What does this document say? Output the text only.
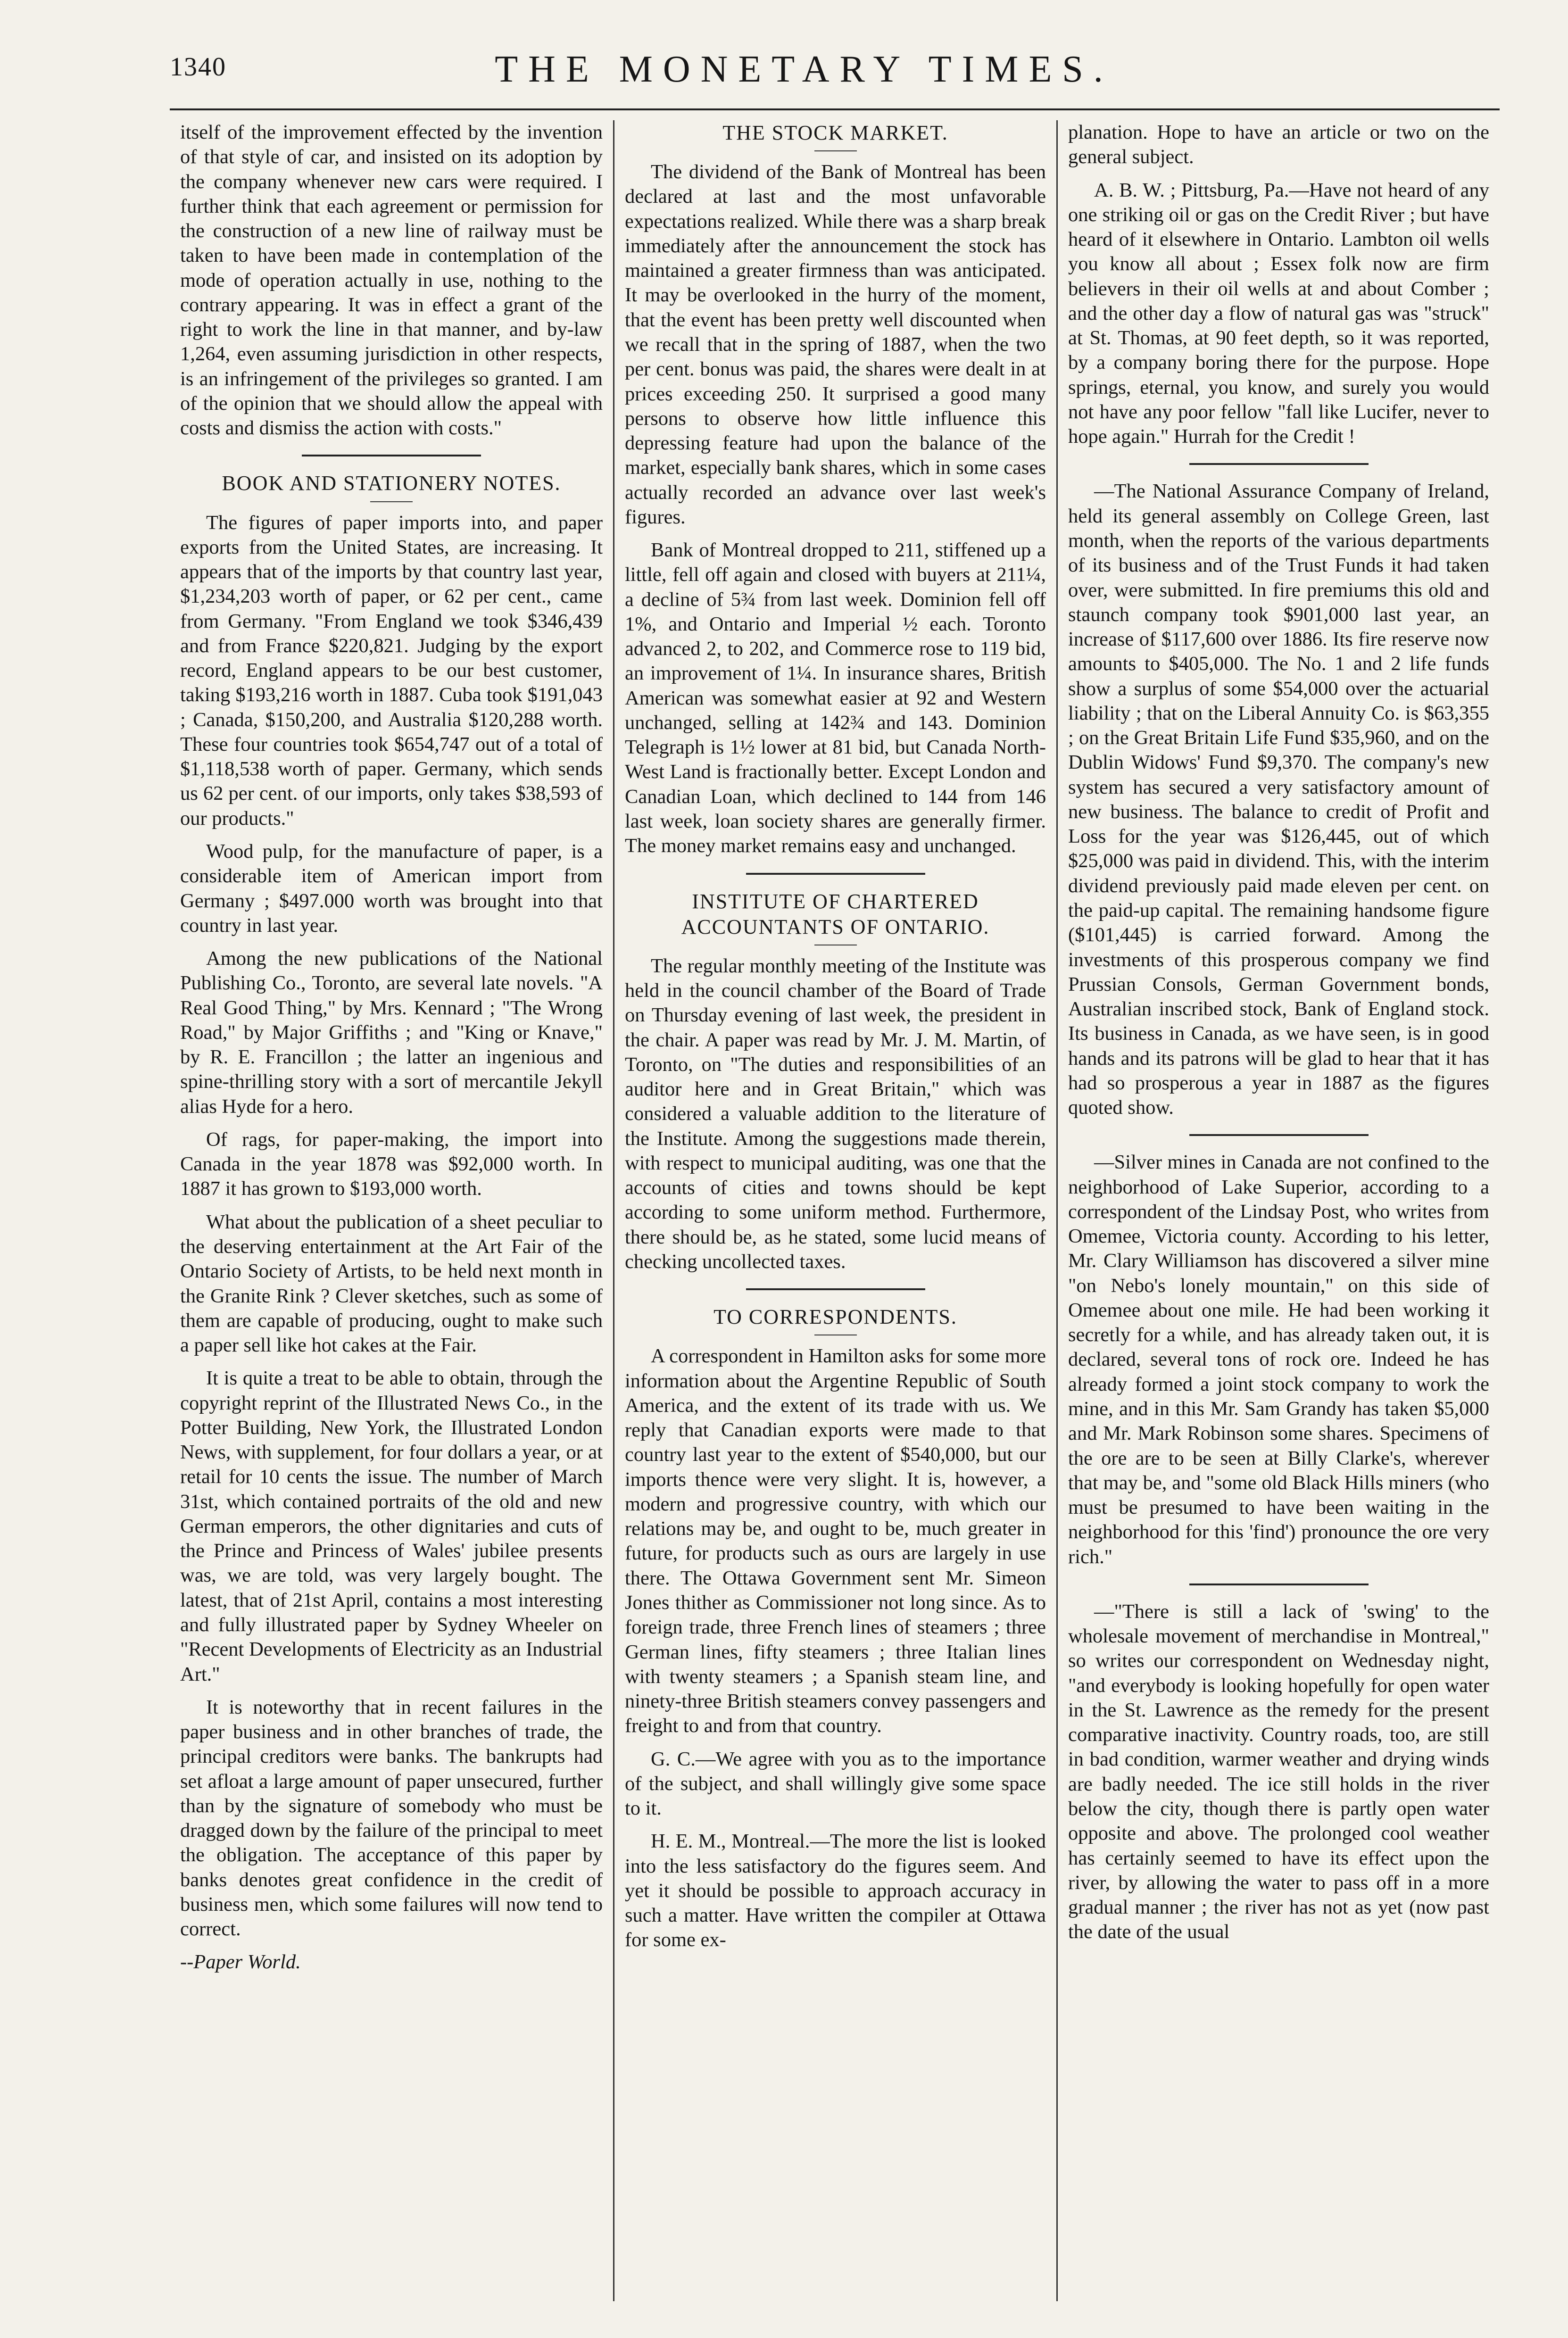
1340	THE MONETARY TIMES.

itself of the improvement effected by the invention of that style of car, and insisted on its adoption by the company whenever new cars were required. I further think that each agreement or permission for the construction of a new line of railway must be taken to have been made in contemplation of the mode of operation actually in use, nothing to the contrary appearing. It was in effect a grant of the right to work the line in that manner, and by-law 1,264, even assuming jurisdiction in other respects, is an infringement of the privileges so granted. I am of the opinion that we should allow the appeal with costs and dismiss the action with costs."

BOOK AND STATIONERY NOTES.

The figures of paper imports into, and paper exports from the United States, are increasing. It appears that of the imports by that country last year, $1,234,203 worth of paper, or 62 per cent., came from Germany. "From England we took $346,439 and from France $220,821. Judging by the export record, England appears to be our best customer, taking $193,216 worth in 1887. Cuba took $191,043 ; Canada, $150,200, and Australia $120,288 worth. These four countries took $654,747 out of a total of $1,118,538 worth of paper. Germany, which sends us 62 per cent. of our imports, only takes $38,593 of our products."

Wood pulp, for the manufacture of paper, is a considerable item of American import from Germany ; $497.000 worth was brought into that country in last year.

Among the new publications of the National Publishing Co., Toronto, are several late novels. "A Real Good Thing," by Mrs. Kennard ; "The Wrong Road," by Major Griffiths ; and "King or Knave," by R. E. Francillon ; the latter an ingenious and spine-thrilling story with a sort of mercantile Jekyll alias Hyde for a hero.

Of rags, for paper-making, the import into Canada in the year 1878 was $92,000 worth. In 1887 it has grown to $193,000 worth.

What about the publication of a sheet peculiar to the deserving entertainment at the Art Fair of the Ontario Society of Artists, to be held next month in the Granite Rink ? Clever sketches, such as some of them are capable of producing, ought to make such a paper sell like hot cakes at the Fair.

It is quite a treat to be able to obtain, through the copyright reprint of the Illustrated News Co., in the Potter Building, New York, the Illustrated London News, with supplement, for four dollars a year, or at retail for 10 cents the issue. The number of March 31st, which contained portraits of the old and new German emperors, the other dignitaries and cuts of the Prince and Princess of Wales' jubilee presents was, we are told, was very largely bought. The latest, that of 21st April, contains a most interesting and fully illustrated paper by Sydney Wheeler on "Recent Developments of Electricity as an Industrial Art."

It is noteworthy that in recent failures in the paper business and in other branches of trade, the principal creditors were banks. The bankrupts had set afloat a large amount of paper unsecured, further than by the signature of somebody who must be dragged down by the failure of the principal to meet the obligation. The acceptance of this paper by banks denotes great confidence in the credit of business men, which some failures will now tend to correct.

--Paper World.
THE STOCK MARKET.

The dividend of the Bank of Montreal has been declared at last and the most unfavorable expectations realized. While there was a sharp break immediately after the announcement the stock has maintained a greater firmness than was anticipated. It may be overlooked in the hurry of the moment, that the event has been pretty well discounted when we recall that in the spring of 1887, when the two per cent. bonus was paid, the shares were dealt in at prices exceeding 250. It surprised a good many persons to observe how little influence this depressing feature had upon the balance of the market, especially bank shares, which in some cases actually recorded an advance over last week's figures.

Bank of Montreal dropped to 211, stiffened up a little, fell off again and closed with buyers at 211¼, a decline of 5¾ from last week. Dominion fell off 1%, and Ontario and Imperial ½ each. Toronto advanced 2, to 202, and Commerce rose to 119 bid, an improvement of 1¼. In insurance shares, British American was somewhat easier at 92 and Western unchanged, selling at 142¾ and 143. Dominion Telegraph is 1½ lower at 81 bid, but Canada North-West Land is fractionally better. Except London and Canadian Loan, which declined to 144 from 146 last week, loan society shares are generally firmer. The money market remains easy and unchanged.

INSTITUTE OF CHARTERED ACCOUNTANTS OF ONTARIO.

The regular monthly meeting of the Institute was held in the council chamber of the Board of Trade on Thursday evening of last week, the president in the chair. A paper was read by Mr. J. M. Martin, of Toronto, on "The duties and responsibilities of an auditor here and in Great Britain," which was considered a valuable addition to the literature of the Institute. Among the suggestions made therein, with respect to municipal auditing, was one that the accounts of cities and towns should be kept according to some uniform method. Furthermore, there should be, as he stated, some lucid means of checking uncollected taxes.

TO CORRESPONDENTS.

A correspondent in Hamilton asks for some more information about the Argentine Republic of South America, and the extent of its trade with us. We reply that Canadian exports were made to that country last year to the extent of $540,000, but our imports thence were very slight. It is, however, a modern and progressive country, with which our relations may be, and ought to be, much greater in future, for products such as ours are largely in use there. The Ottawa Government sent Mr. Simeon Jones thither as Commissioner not long since. As to foreign trade, three French lines of steamers ; three German lines, fifty steamers ; three Italian lines with twenty steamers ; a Spanish steam line, and ninety-three British steamers convey passengers and freight to and from that country.

G. C.—We agree with you as to the importance of the subject, and shall willingly give some space to it.

H. E. M., Montreal.—The more the list is looked into the less satisfactory do the figures seem. And yet it should be possible to approach accuracy in such a matter. Have written the compiler at Ottawa for some ex-

planation. Hope to have an article or two on the general subject.

A. B. W. ; Pittsburg, Pa.—Have not heard of any one striking oil or gas on the Credit River ; but have heard of it elsewhere in Ontario. Lambton oil wells you know all about ; Essex folk now are firm believers in their oil wells at and about Comber ; and the other day a flow of natural gas was "struck" at St. Thomas, at 90 feet depth, so it was reported, by a company boring there for the purpose. Hope springs, eternal, you know, and surely you would not have any poor fellow "fall like Lucifer, never to hope again." Hurrah for the Credit !

—The National Assurance Company of Ireland, held its general assembly on College Green, last month, when the reports of the various departments of its business and of the Trust Funds it had taken over, were submitted. In fire premiums this old and staunch company took $901,000 last year, an increase of $117,600 over 1886. Its fire reserve now amounts to $405,000. The No. 1 and 2 life funds show a surplus of some $54,000 over the actuarial liability ; that on the Liberal Annuity Co. is $63,355 ; on the Great Britain Life Fund $35,960, and on the Dublin Widows' Fund $9,370. The company's new system has secured a very satisfactory amount of new business. The balance to credit of Profit and Loss for the year was $126,445, out of which $25,000 was paid in dividend. This, with the interim dividend previously paid made eleven per cent. on the paid-up capital. The remaining handsome figure ($101,445) is carried forward. Among the investments of this prosperous company we find Prussian Consols, German Government bonds, Australian inscribed stock, Bank of England stock. Its business in Canada, as we have seen, is in good hands and its patrons will be glad to hear that it has had so prosperous a year in 1887 as the figures quoted show.

—Silver mines in Canada are not confined to the neighborhood of Lake Superior, according to a correspondent of the Lindsay Post, who writes from Omemee, Victoria county. According to his letter, Mr. Clary Williamson has discovered a silver mine "on Nebo's lonely mountain," on this side of Omemee about one mile. He had been working it secretly for a while, and has already taken out, it is declared, several tons of rock ore. Indeed he has already formed a joint stock company to work the mine, and in this Mr. Sam Grandy has taken $5,000 and Mr. Mark Robinson some shares. Specimens of the ore are to be seen at Billy Clarke's, wherever that may be, and "some old Black Hills miners (who must be presumed to have been waiting in the neighborhood for this 'find') pronounce the ore very rich."

—"There is still a lack of 'swing' to the wholesale movement of merchandise in Montreal," so writes our correspondent on Wednesday night, "and everybody is looking hopefully for open water in the St. Lawrence as the remedy for the present comparative inactivity. Country roads, too, are still in bad condition, warmer weather and drying winds are badly needed. The ice still holds in the river below the city, though there is partly open water opposite and above. The prolonged cool weather has certainly seemed to have its effect upon the river, by allowing the water to pass off in a more gradual manner ; the river has not as yet (now past the date of the usual
